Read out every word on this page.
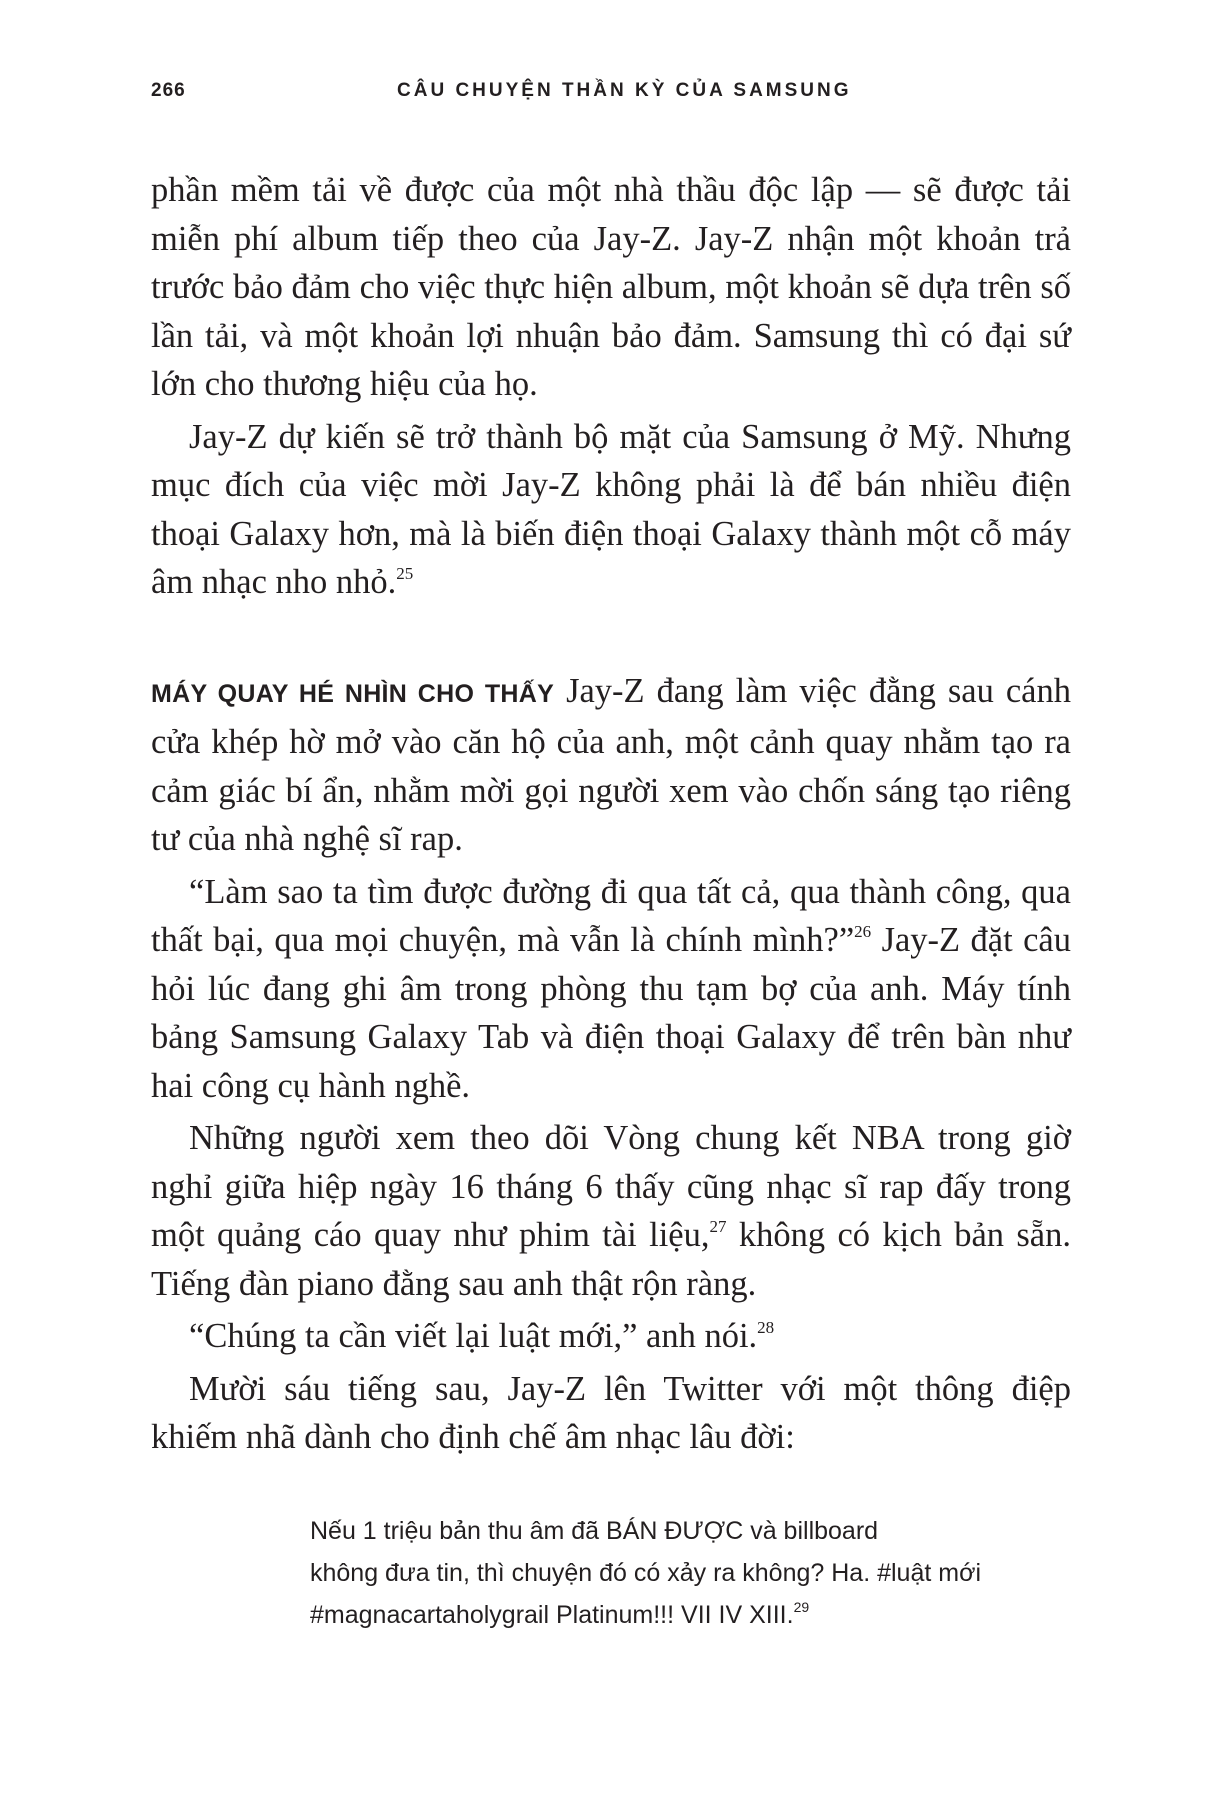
266	CÂU CHUYỆN THẦN KỲ CỦA SAMSUNG

phần mềm tải về được của một nhà thầu độc lập — sẽ được tải miễn phí album tiếp theo của Jay-Z. Jay-Z nhận một khoản trả trước bảo đảm cho việc thực hiện album, một khoản sẽ dựa trên số lần tải, và một khoản lợi nhuận bảo đảm. Samsung thì có đại sứ lớn cho thương hiệu của họ.

Jay-Z dự kiến sẽ trở thành bộ mặt của Samsung ở Mỹ. Nhưng mục đích của việc mời Jay-Z không phải là để bán nhiều điện thoại Galaxy hơn, mà là biến điện thoại Galaxy thành một cỗ máy âm nhạc nho nhỏ.$^{25}$

MÁY QUAY HÉ NHÌN CHO THẤY Jay-Z đang làm việc đằng sau cánh cửa khép hờ mở vào căn hộ của anh, một cảnh quay nhằm tạo ra cảm giác bí ẩn, nhằm mời gọi người xem vào chốn sáng tạo riêng tư của nhà nghệ sĩ rap.

“Làm sao ta tìm được đường đi qua tất cả, qua thành công, qua thất bại, qua mọi chuyện, mà vẫn là chính mình?”$^{26}$ Jay-Z đặt câu hỏi lúc đang ghi âm trong phòng thu tạm bợ của anh. Máy tính bảng Samsung Galaxy Tab và điện thoại Galaxy để trên bàn như hai công cụ hành nghề.

Những người xem theo dõi Vòng chung kết NBA trong giờ nghỉ giữa hiệp ngày 16 tháng 6 thấy cũng nhạc sĩ rap đấy trong một quảng cáo quay như phim tài liệu,$^{27}$ không có kịch bản sẵn. Tiếng đàn piano đằng sau anh thật rộn ràng.

“Chúng ta cần viết lại luật mới,” anh nói.$^{28}$

Mười sáu tiếng sau, Jay-Z lên Twitter với một thông điệp khiếm nhã dành cho định chế âm nhạc lâu đời:

Nếu 1 triệu bản thu âm đã BÁN ĐƯỢC và billboard

không đưa tin, thì chuyện đó có xảy ra không? Ha. #luật mới

#magnacartaholygrail Platinum!!! VII IV XIII.$^{29}$
